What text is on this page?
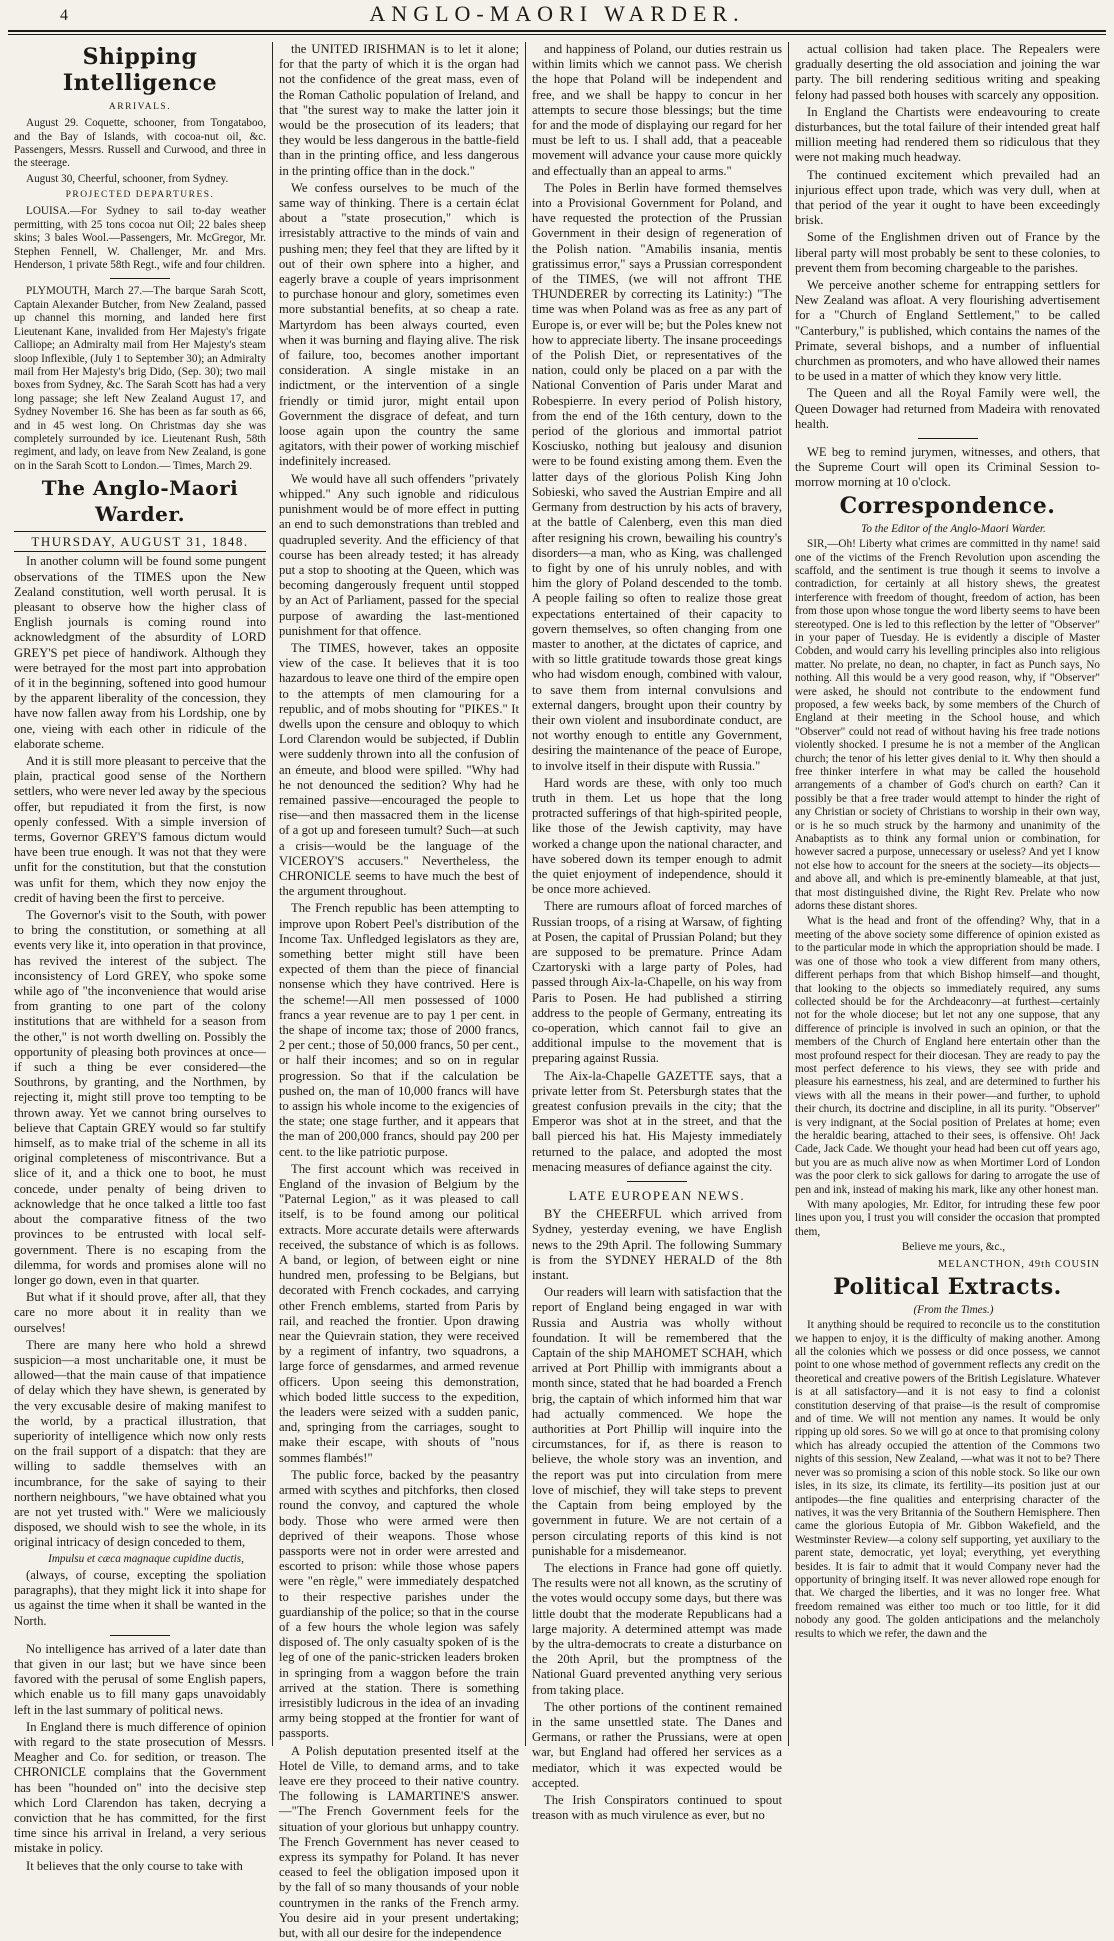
4	ANGLO-MAORI WARDER.
Shipping Intelligence
ARRIVALS.

August 29. Coquette, schooner, from Tongataboo, and the Bay of Islands, with cocoa-nut oil, &c. Passengers, Messrs. Russell and Curwood, and three in the steerage.

August 30, Cheerful, schooner, from Sydney.

PROJECTED DEPARTURES.

LOUISA.—For Sydney to sail to-day weather permitting, with 25 tons cocoa nut Oil; 22 bales sheep skins; 3 bales Wool.—Passengers, Mr. McGregor, Mr. Stephen Fennell, W. Challenger, Mr. and Mrs. Henderson, 1 private 58th Regt., wife and four children.

PLYMOUTH, March 27.—The barque Sarah Scott, Captain Alexander Butcher, from New Zealand, passed up channel this morning, and landed here first Lieutenant Kane, invalided from Her Majesty's frigate Calliope; an Admiralty mail from Her Majesty's steam sloop Inflexible, (July 1 to September 30); an Admiralty mail from Her Majesty's brig Dido, (Sep. 30); two mail boxes from Sydney, &c. The Sarah Scott has had a very long passage; she left New Zealand August 17, and Sydney November 16. She has been as far south as 66, and in 45 west long. On Christmas day she was completely surrounded by ice. Lieutenant Rush, 58th regiment, and lady, on leave from New Zealand, is gone on in the Sarah Scott to London.— Times, March 29.

The Anglo-Maori Warder.
THURSDAY, AUGUST 31, 1848.

In another column will be found some pungent observations of the TIMES upon the New Zealand constitution, well worth perusal. It is pleasant to observe how the higher class of English journals is coming round into acknowledgment of the absurdity of LORD GREY'S pet piece of handiwork. Although they were betrayed for the most part into approbation of it in the beginning, softened into good humour by the apparent liberality of the concession, they have now fallen away from his Lordship, one by one, vieing with each other in ridicule of the elaborate scheme.

And it is still more pleasant to perceive that the plain, practical good sense of the Northern settlers, who were never led away by the specious offer, but repudiated it from the first, is now openly confessed. With a simple inversion of terms, Governor GREY'S famous dictum would have been true enough. It was not that they were unfit for the constitution, but that the constution was unfit for them, which they now enjoy the credit of having been the first to perceive.

The Governor's visit to the South, with power to bring the constitution, or something at all events very like it, into operation in that province, has revived the interest of the subject. The inconsistency of Lord GREY, who spoke some while ago of "the inconvenience that would arise from granting to one part of the colony institutions that are withheld for a season from the other," is not worth dwelling on. Possibly the opportunity of pleasing both provinces at once—if such a thing be ever considered—the Southrons, by granting, and the Northmen, by rejecting it, might still prove too tempting to be thrown away. Yet we cannot bring ourselves to believe that Captain GREY would so far stultify himself, as to make trial of the scheme in all its original completeness of miscontrivance. But a slice of it, and a thick one to boot, he must concede, under penalty of being driven to acknowledge that he once talked a little too fast about the comparative fitness of the two provinces to be entrusted with local self-government. There is no escaping from the dilemma, for words and promises alone will no longer go down, even in that quarter.

But what if it should prove, after all, that they care no more about it in reality than we ourselves!

There are many here who hold a shrewd suspicion—a most uncharitable one, it must be allowed—that the main cause of that impatience of delay which they have shewn, is generated by the very excusable desire of making manifest to the world, by a practical illustration, that superiority of intelligence which now only rests on the frail support of a dispatch: that they are willing to saddle themselves with an incumbrance, for the sake of saying to their northern neighbours, "we have obtained what you are not yet trusted with." Were we maliciously disposed, we should wish to see the whole, in its original intricacy of design conceded to them,

Impulsu et cæca magnaque cupidine ductis,

(always, of course, excepting the spoliation paragraphs), that they might lick it into shape for us against the time when it shall be wanted in the North.

No intelligence has arrived of a later date than that given in our last; but we have since been favored with the perusal of some English papers, which enable us to fill many gaps unavoidably left in the last summary of political news.

In England there is much difference of opinion with regard to the state prosecution of Messrs. Meagher and Co. for sedition, or treason. The CHRONICLE complains that the Government has been "hounded on" into the decisive step which Lord Clarendon has taken, decrying a conviction that he has committed, for the first time since his arrival in Ireland, a very serious mistake in policy.

It believes that the only course to take with

the UNITED IRISHMAN is to let it alone; for that the party of which it is the organ had not the confidence of the great mass, even of the Roman Catholic population of Ireland, and that "the surest way to make the latter join it would be the prosecution of its leaders; that they would be less dangerous in the battle-field than in the printing office, and less dangerous in the printing office than in the dock."

We confess ourselves to be much of the same way of thinking. There is a certain éclat about a "state prosecution," which is irresistably attractive to the minds of vain and pushing men; they feel that they are lifted by it out of their own sphere into a higher, and eagerly brave a couple of years imprisonment to purchase honour and glory, sometimes even more substantial benefits, at so cheap a rate. Martyrdom has been always courted, even when it was burning and flaying alive. The risk of failure, too, becomes another important consideration. A single mistake in an indictment, or the intervention of a single friendly or timid juror, might entail upon Government the disgrace of defeat, and turn loose again upon the country the same agitators, with their power of working mischief indefinitely increased.

We would have all such offenders "privately whipped." Any such ignoble and ridiculous punishment would be of more effect in putting an end to such demonstrations than trebled and quadrupled severity. And the efficiency of that course has been already tested; it has already put a stop to shooting at the Queen, which was becoming dangerously frequent until stopped by an Act of Parliament, passed for the special purpose of awarding the last-mentioned punishment for that offence.

The TIMES, however, takes an opposite view of the case. It believes that it is too hazardous to leave one third of the empire open to the attempts of men clamouring for a republic, and of mobs shouting for "PIKES." It dwells upon the censure and obloquy to which Lord Clarendon would be subjected, if Dublin were suddenly thrown into all the confusion of an émeute, and blood were spilled. "Why had he not denounced the sedition? Why had he remained passive—encouraged the people to rise—and then massacred them in the license of a got up and foreseen tumult? Such—at such a crisis—would be the language of the VICEROY'S accusers." Nevertheless, the CHRONICLE seems to have much the best of the argument throughout.

The French republic has been attempting to improve upon Robert Peel's distribution of the Income Tax. Unfledged legislators as they are, something better might still have been expected of them than the piece of financial nonsense which they have contrived. Here is the scheme!—All men possessed of 1000 francs a year revenue are to pay 1 per cent. in the shape of income tax; those of 2000 francs, 2 per cent.; those of 50,000 francs, 50 per cent., or half their incomes; and so on in regular progression. So that if the calculation be pushed on, the man of 10,000 francs will have to assign his whole income to the exigencies of the state; one stage further, and it appears that the man of 200,000 francs, should pay 200 per cent. to the like patriotic purpose.

The first account which was received in England of the invasion of Belgium by the "Paternal Legion," as it was pleased to call itself, is to be found among our political extracts. More accurate details were afterwards received, the substance of which is as follows. A band, or legion, of between eight or nine hundred men, professing to be Belgians, but decorated with French cockades, and carrying other French emblems, started from Paris by rail, and reached the frontier. Upon drawing near the Quievrain station, they were received by a regiment of infantry, two squadrons, a large force of gensdarmes, and armed revenue officers. Upon seeing this demonstration, which boded little success to the expedition, the leaders were seized with a sudden panic, and, springing from the carriages, sought to make their escape, with shouts of "nous sommes flambés!"

The public force, backed by the peasantry armed with scythes and pitchforks, then closed round the convoy, and captured the whole body. Those who were armed were then deprived of their weapons. Those whose passports were not in order were arrested and escorted to prison: while those whose papers were "en règle," were immediately despatched to their respective parishes under the guardianship of the police; so that in the course of a few hours the whole legion was safely disposed of. The only casualty spoken of is the leg of one of the panic-stricken leaders broken in springing from a waggon before the train arrived at the station. There is something irresistibly ludicrous in the idea of an invading army being stopped at the frontier for want of passports.

A Polish deputation presented itself at the Hotel de Ville, to demand arms, and to take leave ere they proceed to their native country. The following is LAMARTINE'S answer.—"The French Government feels for the situation of your glorious but unhappy country. The French Government has never ceased to express its sympathy for Poland. It has never ceased to feel the obligation imposed upon it by the fall of so many thousands of your noble countrymen in the ranks of the French army. You desire aid in your present undertaking; but, with all our desire for the independence

and happiness of Poland, our duties restrain us within limits which we cannot pass. We cherish the hope that Poland will be independent and free, and we shall be happy to concur in her attempts to secure those blessings; but the time for and the mode of displaying our regard for her must be left to us. I shall add, that a peaceable movement will advance your cause more quickly and effectually than an appeal to arms."

The Poles in Berlin have formed themselves into a Provisional Government for Poland, and have requested the protection of the Prussian Government in their design of regeneration of the Polish nation. "Amabilis insania, mentis gratissimus error," says a Prussian correspondent of the TIMES, (we will not affront THE THUNDERER by correcting its Latinity:) "The time was when Poland was as free as any part of Europe is, or ever will be; but the Poles knew not how to appreciate liberty. The insane proceedings of the Polish Diet, or representatives of the nation, could only be placed on a par with the National Convention of Paris under Marat and Robespierre. In every period of Polish history, from the end of the 16th century, down to the period of the glorious and immortal patriot Kosciusko, nothing but jealousy and disunion were to be found existing among them. Even the latter days of the glorious Polish King John Sobieski, who saved the Austrian Empire and all Germany from destruction by his acts of bravery, at the battle of Calenberg, even this man died after resigning his crown, bewailing his country's disorders—a man, who as King, was challenged to fight by one of his unruly nobles, and with him the glory of Poland descended to the tomb. A people failing so often to realize those great expectations entertained of their capacity to govern themselves, so often changing from one master to another, at the dictates of caprice, and with so little gratitude towards those great kings who had wisdom enough, combined with valour, to save them from internal convulsions and external dangers, brought upon their country by their own violent and insubordinate conduct, are not worthy enough to entitle any Government, desiring the maintenance of the peace of Europe, to involve itself in their dispute with Russia."

Hard words are these, with only too much truth in them. Let us hope that the long protracted sufferings of that high-spirited people, like those of the Jewish captivity, may have worked a change upon the national character, and have sobered down its temper enough to admit the quiet enjoyment of independence, should it be once more achieved.

There are rumours afloat of forced marches of Russian troops, of a rising at Warsaw, of fighting at Posen, the capital of Prussian Poland; but they are supposed to be premature. Prince Adam Czartoryski with a large party of Poles, had passed through Aix-la-Chapelle, on his way from Paris to Posen. He had published a stirring address to the people of Germany, entreating its co-operation, which cannot fail to give an additional impulse to the movement that is preparing against Russia.

The Aix-la-Chapelle GAZETTE says, that a private letter from St. Petersburgh states that the greatest confusion prevails in the city; that the Emperor was shot at in the street, and that the ball pierced his hat. His Majesty immediately returned to the palace, and adopted the most menacing measures of defiance against the city.

LATE EUROPEAN NEWS.

BY the CHEERFUL which arrived from Sydney, yesterday evening, we have English news to the 29th April. The following Summary is from the SYDNEY HERALD of the 8th instant.

Our readers will learn with satisfaction that the report of England being engaged in war with Russia and Austria was wholly without foundation. It will be remembered that the Captain of the ship MAHOMET SCHAH, which arrived at Port Phillip with immigrants about a month since, stated that he had boarded a French brig, the captain of which informed him that war had actually commenced. We hope the authorities at Port Phillip will inquire into the circumstances, for if, as there is reason to believe, the whole story was an invention, and the report was put into circulation from mere love of mischief, they will take steps to prevent the Captain from being employed by the government in future. We are not certain of a person circulating reports of this kind is not punishable for a misdemeanor.

The elections in France had gone off quietly. The results were not all known, as the scrutiny of the votes would occupy some days, but there was little doubt that the moderate Republicans had a large majority. A determined attempt was made by the ultra-democrats to create a disturbance on the 20th April, but the promptness of the National Guard prevented anything very serious from taking place.

The other portions of the continent remained in the same unsettled state. The Danes and Germans, or rather the Prussians, were at open war, but England had offered her services as a mediator, which it was expected would be accepted.

The Irish Conspirators continued to spout treason with as much virulence as ever, but no

actual collision had taken place. The Repealers were gradually deserting the old association and joining the war party. The bill rendering seditious writing and speaking felony had passed both houses with scarcely any opposition.

In England the Chartists were endeavouring to create disturbances, but the total failure of their intended great half million meeting had rendered them so ridiculous that they were not making much headway.

The continued excitement which prevailed had an injurious effect upon trade, which was very dull, when at that period of the year it ought to have been exceedingly brisk.

Some of the Englishmen driven out of France by the liberal party will most probably be sent to these colonies, to prevent them from becoming chargeable to the parishes.

We perceive another scheme for entrapping settlers for New Zealand was afloat. A very flourishing advertisement for a "Church of England Settlement," to be called "Canterbury," is published, which contains the names of the Primate, several bishops, and a number of influential churchmen as promoters, and who have allowed their names to be used in a matter of which they know very little.

The Queen and all the Royal Family were well, the Queen Dowager had returned from Madeira with renovated health.

WE beg to remind jurymen, witnesses, and others, that the Supreme Court will open its Criminal Session to-morrow morning at 10 o'clock.

Correspondence.

To the Editor of the Anglo-Maori Warder.

SIR,—Oh! Liberty what crimes are committed in thy name! said one of the victims of the French Revolution upon ascending the scaffold, and the sentiment is true though it seems to involve a contradiction, for certainly at all history shews, the greatest interference with freedom of thought, freedom of action, has been from those upon whose tongue the word liberty seems to have been stereotyped. One is led to this reflection by the letter of "Observer" in your paper of Tuesday. He is evidently a disciple of Master Cobden, and would carry his levelling principles also into religious matter. No prelate, no dean, no chapter, in fact as Punch says, No nothing. All this would be a very good reason, why, if "Observer" were asked, he should not contribute to the endowment fund proposed, a few weeks back, by some members of the Church of England at their meeting in the School house, and which "Observer" could not read of without having his free trade notions violently shocked. I presume he is not a member of the Anglican church; the tenor of his letter gives denial to it. Why then should a free thinker interfere in what may be called the household arrangements of a chamber of God's church on earth? Can it possibly be that a free trader would attempt to hinder the right of any Christian or society of Christians to worship in their own way, or is he so much struck by the harmony and unanimity of the Anabaptists as to think any formal union or combination, for however sacred a purpose, unnecessary or useless? And yet I know not else how to account for the sneers at the society—its objects—and above all, and which is pre-eminently blameable, at that just, that most distinguished divine, the Right Rev. Prelate who now adorns these distant shores.

What is the head and front of the offending? Why, that in a meeting of the above society some difference of opinion existed as to the particular mode in which the appropriation should be made. I was one of those who took a view different from many others, different perhaps from that which Bishop himself—and thought, that looking to the objects so immediately required, any sums collected should be for the Archdeaconry—at furthest—certainly not for the whole diocese; but let not any one suppose, that any difference of principle is involved in such an opinion, or that the members of the Church of England here entertain other than the most profound respect for their diocesan. They are ready to pay the most perfect deference to his views, they see with pride and pleasure his earnestness, his zeal, and are determined to further his views with all the means in their power—and further, to uphold their church, its doctrine and discipline, in all its purity. "Observer" is very indignant, at the Social position of Prelates at home; even the heraldic bearing, attached to their sees, is offensive. Oh! Jack Cade, Jack Cade. We thought your head had been cut off years ago, but you are as much alive now as when Mortimer Lord of London was the poor clerk to sick gallows for daring to arrogate the use of pen and ink, instead of making his mark, like any other honest man.

With many apologies, Mr. Editor, for intruding these few poor lines upon you, I trust you will consider the occasion that prompted them,

Believe me yours, &c.,

MELANCTHON, 49th COUSIN
Political Extracts.

(From the Times.)

It anything should be required to reconcile us to the constitution we happen to enjoy, it is the difficulty of making another. Among all the colonies which we possess or did once possess, we cannot point to one whose method of government reflects any credit on the theoretical and creative powers of the British Legislature. Whatever is at all satisfactory—and it is not easy to find a colonist constitution deserving of that praise—is the result of compromise and of time. We will not mention any names. It would be only ripping up old sores. So we will go at once to that promising colony which has already occupied the attention of the Commons two nights of this session, New Zealand, —what was it not to be? There never was so promising a scion of this noble stock. So like our own isles, in its size, its climate, its fertility—its position just at our antipodes—the fine qualities and enterprising character of the natives, it was the very Britannia of the Southern Hemisphere. Then came the glorious Eutopia of Mr. Gibbon Wakefield, and the Westminster Review—a colony self supporting, yet auxiliary to the parent state, democratic, yet loyal; everything, yet everything besides. It is fair to admit that it would Company never had the opportunity of bringing itself. It was never allowed rope enough for that. We charged the liberties, and it was no longer free. What freedom remained was either too much or too little, for it did nobody any good. The golden anticipations and the melancholy results to which we refer, the dawn and the
